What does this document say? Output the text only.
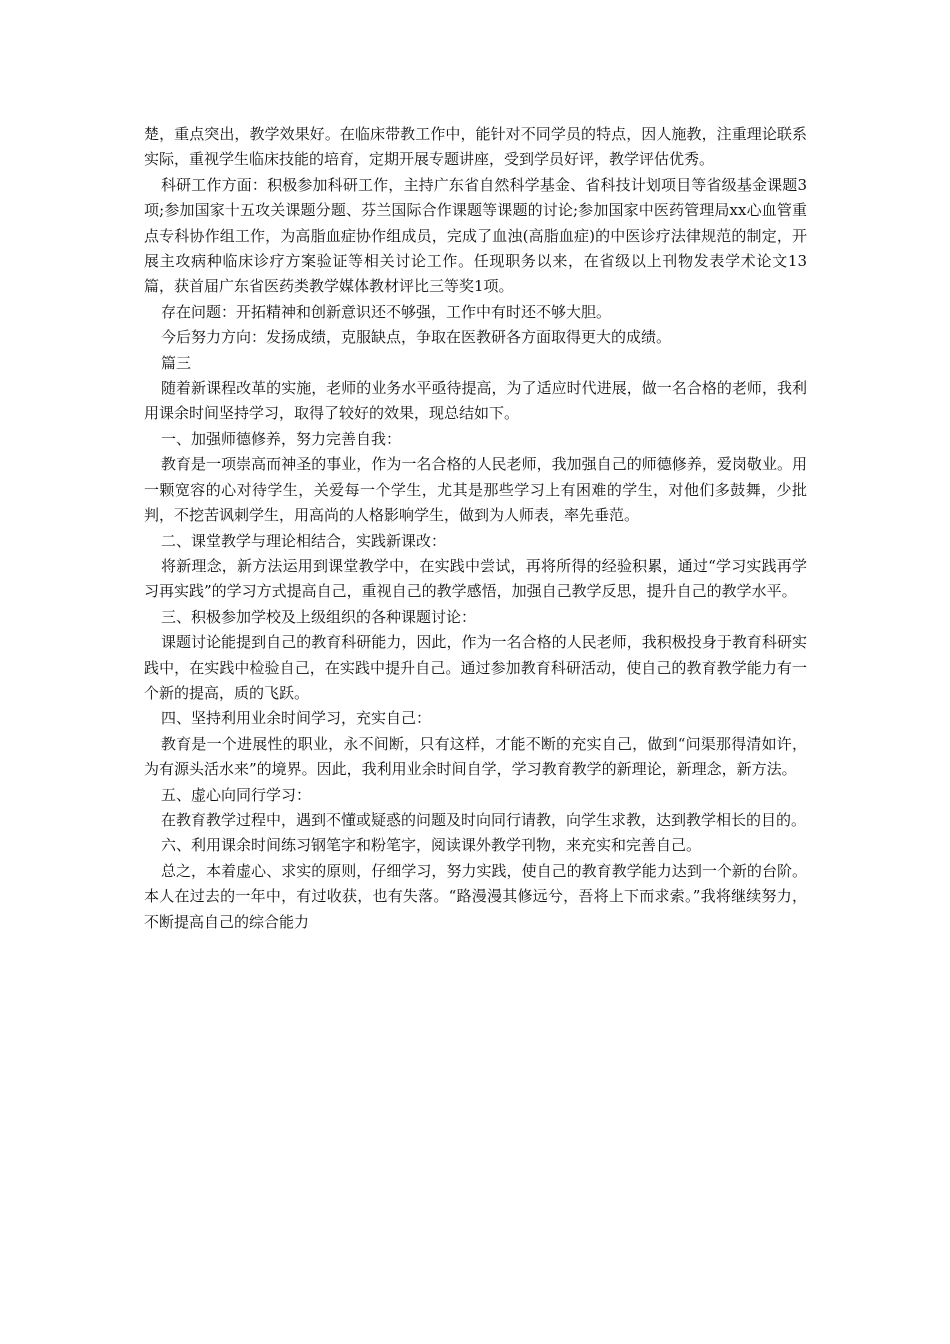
楚，重点突出，教学效果好。在临床带教工作中，能针对不同学员的特点，因人施教，注重理论联系实际，重视学生临床技能的培育，定期开展专题讲座，受到学员好评，教学评估优秀。

科研工作方面：积极参加科研工作，主持广东省自然科学基金、省科技计划项目等省级基金课题3项;参加国家十五攻关课题分题、芬兰国际合作课题等课题的讨论;参加国家中医药管理局xx心血管重点专科协作组工作，为高脂血症协作组成员，完成了血浊(高脂血症)的中医诊疗法律规范的制定，开展主攻病种临床诊疗方案验证等相关讨论工作。任现职务以来，在省级以上刊物发表学术论文13篇，获首届广东省医药类教学媒体教材评比三等奖1项。

存在问题：开拓精神和创新意识还不够强，工作中有时还不够大胆。

今后努力方向：发扬成绩，克服缺点，争取在医教研各方面取得更大的成绩。

篇三

随着新课程改革的实施，老师的业务水平亟待提高，为了适应时代进展，做一名合格的老师，我利用课余时间坚持学习，取得了较好的效果，现总结如下。

一、加强师德修养，努力完善自我：

教育是一项崇高而神圣的事业，作为一名合格的人民老师，我加强自己的师德修养，爱岗敬业。用一颗宽容的心对待学生，关爱每一个学生，尤其是那些学习上有困难的学生，对他们多鼓舞，少批判，不挖苦讽刺学生，用高尚的人格影响学生，做到为人师表，率先垂范。

二、课堂教学与理论相结合，实践新课改：

将新理念，新方法运用到课堂教学中，在实践中尝试，再将所得的经验积累，通过“学习实践再学习再实践”的学习方式提高自己，重视自己的教学感悟，加强自己教学反思，提升自己的教学水平。

三、积极参加学校及上级组织的各种课题讨论：

课题讨论能提到自己的教育科研能力，因此，作为一名合格的人民老师，我积极投身于教育科研实践中，在实践中检验自己，在实践中提升自己。通过参加教育科研活动，使自己的教育教学能力有一个新的提高，质的飞跃。

四、坚持利用业余时间学习，充实自己：

教育是一个进展性的职业，永不间断，只有这样，才能不断的充实自己，做到“问渠那得清如许，为有源头活水来”的境界。因此，我利用业余时间自学，学习教育教学的新理论，新理念，新方法。

五、虚心向同行学习：

在教育教学过程中，遇到不懂或疑惑的问题及时向同行请教，向学生求教，达到教学相长的目的。

六、利用课余时间练习钢笔字和粉笔字，阅读课外教学刊物，来充实和完善自己。

总之，本着虚心、求实的原则，仔细学习，努力实践，使自己的教育教学能力达到一个新的台阶。本人在过去的一年中，有过收获，也有失落。“路漫漫其修远兮，吾将上下而求索。”我将继续努力，不断提高自己的综合能力
